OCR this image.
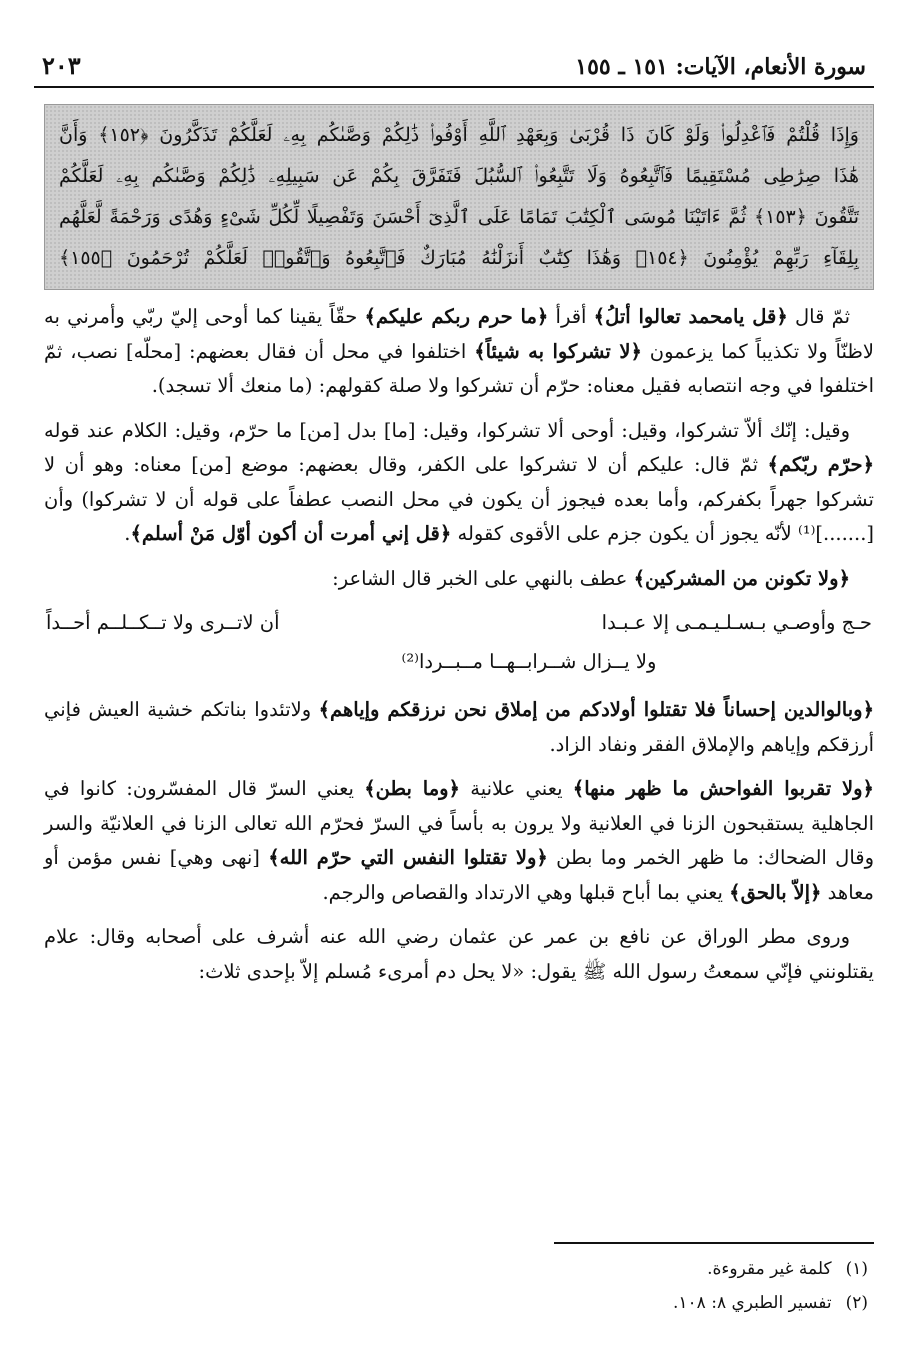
سورة الأنعام، الآيات: ١٥١ ـ ١٥٥
٢٠٣
وَإِذَا قُلْتُمْ فَٱعْدِلُوا۟ وَلَوْ كَانَ ذَا قُرْبَىٰ وَبِعَهْدِ ٱللَّهِ أَوْفُوا۟ ذَٰلِكُمْ وَصَّىٰكُم بِهِۦ لَعَلَّكُمْ تَذَكَّرُونَ ﴿١٥٢﴾ وَأَنَّ
هَٰذَا صِرَٰطِى مُسْتَقِيمًا فَٱتَّبِعُوهُ وَلَا تَتَّبِعُوا۟ ٱلسُّبُلَ فَتَفَرَّقَ بِكُمْ عَن سَبِيلِهِۦ ذَٰلِكُمْ وَصَّىٰكُم بِهِۦ لَعَلَّكُمْ
تَتَّقُونَ ﴿١٥٣﴾ ثُمَّ ءَاتَيْنَا مُوسَى ٱلْكِتَٰبَ تَمَامًا عَلَى ٱلَّذِىٓ أَحْسَنَ وَتَفْصِيلًا لِّكُلِّ شَىْءٍ وَهُدًى وَرَحْمَةً لَّعَلَّهُم
بِلِقَآءِ رَبِّهِمْ يُؤْمِنُونَ ﴿١٥٤﴾ وَهَٰذَا كِتَٰبٌ أَنزَلْنَٰهُ مُبَارَكٌ فَٱتَّبِعُوهُ وَٱتَّقُوا۟ لَعَلَّكُمْ تُرْحَمُونَ ﴿١٥٥﴾

ثمّ قال ﴿قل يامحمد تعالوا أتلُ﴾ أقرأ ﴿ما حرم ربكم عليكم﴾ حقّاً يقينا كما أوحى إليّ ربّي وأمرني به لاظنّاً ولا تكذيباً كما يزعمون ﴿لا تشركوا به شيئاً﴾ اختلفوا في محل أن فقال بعضهم: [محلّه] نصب، ثمّ اختلفوا في وجه انتصابه فقيل معناه: حرّم أن تشركوا ولا صلة كقولهم: (ما منعك ألا تسجد).

وقيل: إنّك ألاّ تشركوا، وقيل: أوحى ألا تشركوا، وقيل: [ما] بدل [من] ما حرّم، وقيل: الكلام عند قوله ﴿حرّم ربّكم﴾ ثمّ قال: عليكم أن لا تشركوا على الكفر، وقال بعضهم: موضع [من] معناه: وهو أن لا تشركوا جهراً بكفركم، وأما بعده فيجوز أن يكون في محل النصب عطفاً على قوله أن لا تشركوا) وأن [.......]⁽¹⁾ لأنّه يجوز أن يكون جزم على الأقوى كقوله ﴿قل إني أمرت أن أكون أوّل مَنْ أسلم﴾.

﴿ولا تكونن من المشركين﴾ عطف بالنهي على الخبر قال الشاعر:

حـج وأوصـي بـسـلـيـمـى إلا عـبـدا
أن لاتــرى ولا تــكــلــم أحــداً
ولا يــزال شــرابــهــا مــبــردا⁽²⁾

﴿وبالوالدين إحساناً فلا تقتلوا أولادكم من إملاق نحن نرزقكم وإياهم﴾ ولاتئدوا بناتكم خشية العيش فإني أرزقكم وإياهم والإملاق الفقر ونفاد الزاد.

﴿ولا تقربوا الفواحش ما ظهر منها﴾ يعني علانية ﴿وما بطن﴾ يعني السرّ قال المفسّرون: كانوا في الجاهلية يستقبحون الزنا في العلانية ولا يرون به بأساً في السرّ فحرّم الله تعالى الزنا في العلانيّة والسر وقال الضحاك: ما ظهر الخمر وما بطن ﴿ولا تقتلوا النفس التي حرّم الله﴾ [نهى وهي] نفس مؤمن أو معاهد ﴿إلاّ بالحق﴾ يعني بما أباح قبلها وهي الارتداد والقصاص والرجم.

وروى مطر الوراق عن نافع بن عمر عن عثمان رضي الله عنه أشرف على أصحابه وقال: علام يقتلونني فإنّي سمعتُ رسول الله ﷺ يقول: «لا يحل دم أمرىء مُسلم إلاّ بإحدى ثلاث:

(١)
كلمة غير مقروءة.
(٢)
تفسير الطبري ٨: ١٠٨.
